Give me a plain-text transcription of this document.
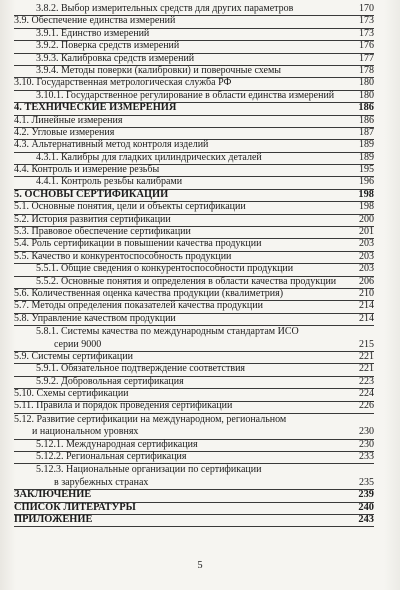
3.8.2. Выбор измерительных средств для других параметров	170
3.9. Обеспечение единства измерений	173
3.9.1. Единство измерений	173
3.9.2. Поверка средств измерений	176
3.9.3. Калибровка средств измерений	177
3.9.4. Методы поверки (калибровки) и поверочные схемы	178
3.10. Государственная метрологическая служба РФ	180
3.10.1. Государственное регулирование в области единства измерений	180
4. ТЕХНИЧЕСКИЕ ИЗМЕРЕНИЯ	186
4.1. Линейные измерения	186
4.2. Угловые измерения	187
4.3. Альтернативный метод контроля изделий	189
4.3.1. Калибры для гладких цилиндрических деталей	189
4.4. Контроль и измерение резьбы	195
4.4.1. Контроль резьбы калибрами	196
5. ОСНОВЫ СЕРТИФИКАЦИИ	198
5.1. Основные понятия, цели и объекты сертификации	198
5.2. История развития сертификации	200
5.3. Правовое обеспечение сертификации	201
5.4. Роль сертификации в повышении качества продукции	203
5.5. Качество и конкурентоспособность продукции	203
5.5.1. Общие сведения о конкурентоспособности продукции	203
5.5.2. Основные понятия и определения в области качества продукции	206
5.6. Количественная оценка качества продукции (квалиметрия)	210
5.7. Методы определения показателей качества продукции	214
5.8. Управление качеством продукции	214
5.8.1. Системы качества по международным стандартам ИСО
серии 9000	215
5.9. Системы сертификации	221
5.9.1. Обязательное подтверждение соответствия	221
5.9.2. Добровольная сертификация	223
5.10. Схемы сертификации	224
5.11. Правила и порядок проведения сертификации	226
5.12. Развитие сертификации на международном, региональном
и национальном уровнях	230
5.12.1. Международная сертификация	230
5.12.2. Региональная сертификация	233
5.12.3. Национальные организации по сертификации
в зарубежных странах	235
ЗАКЛЮЧЕНИЕ	239
СПИСОК ЛИТЕРАТУРЫ	240
ПРИЛОЖЕНИЕ	243
5
